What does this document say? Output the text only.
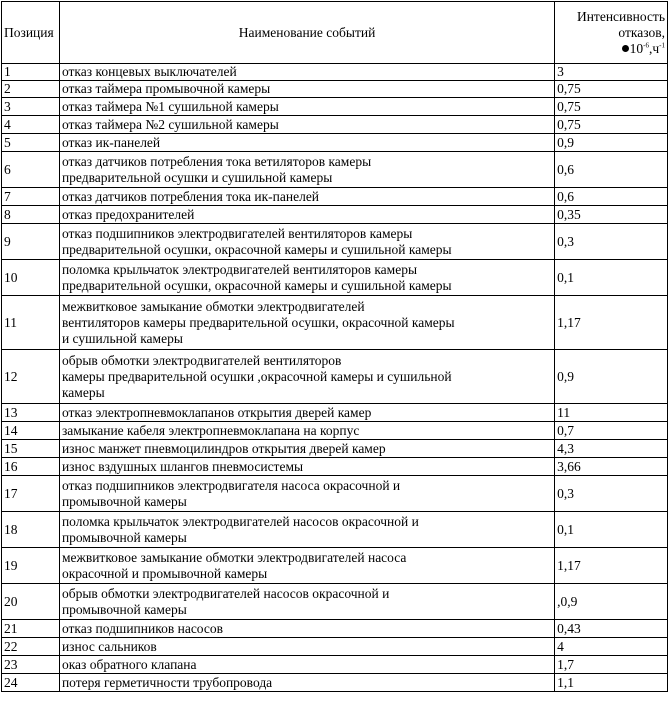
Позиция	Наименование событий	Интенсивность
отказов,
$10^{-6},ч^{-1}$

1	отказ концевых выключателей	3
2	отказ таймера промывочной камеры	0,75
3	отказ таймера №1 сушильной камеры	0,75
4	отказ таймера №2 сушильной камеры	0,75
5	отказ ик-панелей	0,9
6	отказ датчиков потребления тока ветиляторов камеры
предварительной осушки и сушильной камеры	0,6
7	отказ датчиков потребления тока ик-панелей	0,6
8	отказ предохранителей	0,35
9	отказ подшипников электродвигателей вентиляторов камеры
предварительной осушки, окрасочной камеры и сушильной камеры	0,3
10	поломка крыльчаток электродвигателей вентиляторов камеры
предварительной осушки, окрасочной камеры и сушильной камеры	0,1
11	межвитковое замыкание обмотки электродвигателей
вентиляторов камеры предварительной осушки, окрасочной камеры
и сушильной камеры	1,17
12	обрыв обмотки электродвигателей вентиляторов
камеры предварительной осушки ,окрасочной камеры и сушильной
камеры	0,9
13	отказ электропневмоклапанов открытия дверей камер	11
14	замыкание кабеля электропневмоклапана на корпус	0,7
15	износ манжет пневмоцилиндров открытия дверей камер	4,3
16	износ вздушных шлангов пневмосистемы	3,66
17	отказ подшипников электродвигателя насоса окрасочной и
промывочной камеры	0,3
18	поломка крыльчаток электродвигателей насосов окрасочной и
промывочной камеры	0,1
19	межвитковое замыкание обмотки электродвигателей насоса
окрасочной и промывочной камеры	1,17
20	обрыв обмотки электродвигателей насосов окрасочной и
промывочной камеры	,0,9
21	отказ подшипников насосов	0,43
22	износ сальников	4
23	оказ обратного клапана	1,7
24	потеря герметичности трубопровода	1,1
